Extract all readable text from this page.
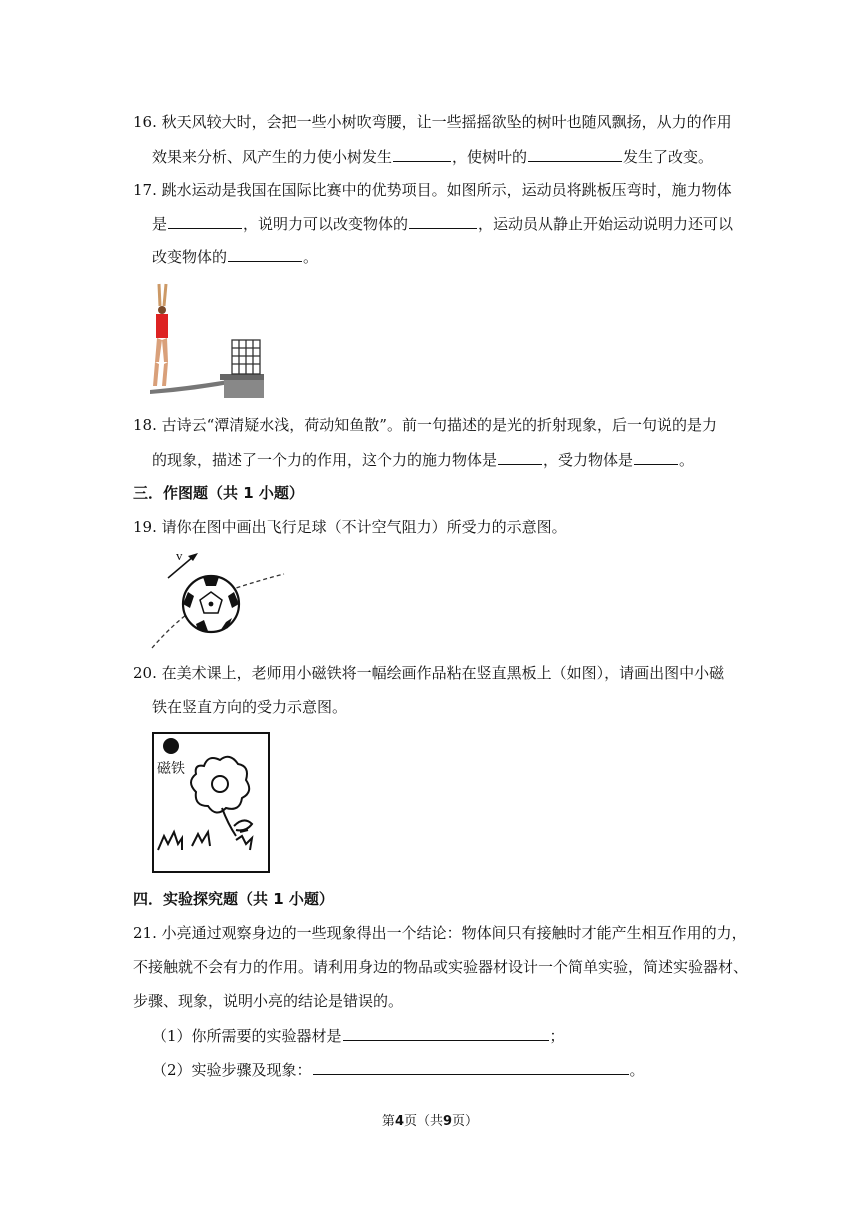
16. 秋天风较大时，会把一些小树吹弯腰，让一些摇摇欲坠的树叶也随风飘扬，从力的作用
效果来分析、风产生的力使小树发生	，使树叶的	发生了改变。
17. 跳水运动是我国在国际比赛中的优势项目。如图所示，运动员将跳板压弯时，施力物体
是	，说明力可以改变物体的	，运动员从静止开始运动说明力还可以
改变物体的	。
18. 古诗云“潭清疑水浅，荷动知鱼散”。前一句描述的是光的折射现象，后一句说的是力
的现象，描述了一个力的作用，这个力的施力物体是	，受力物体是	。
三．作图题（共 1 小题）
19. 请你在图中画出飞行足球（不计空气阻力）所受力的示意图。
v
20. 在美术课上，老师用小磁铁将一幅绘画作品粘在竖直黑板上（如图），请画出图中小磁
铁在竖直方向的受力示意图。
磁铁
四．实验探究题（共 1 小题）
21. 小亮通过观察身边的一些现象得出一个结论：物体间只有接触时才能产生相互作用的力，
不接触就不会有力的作用。请利用身边的物品或实验器材设计一个简单实验，简述实验器材、
步骤、现象，说明小亮的结论是错误的。
（1）你所需要的实验器材是	；
（2）实验步骤及现象：	。
第4页（共9页）
